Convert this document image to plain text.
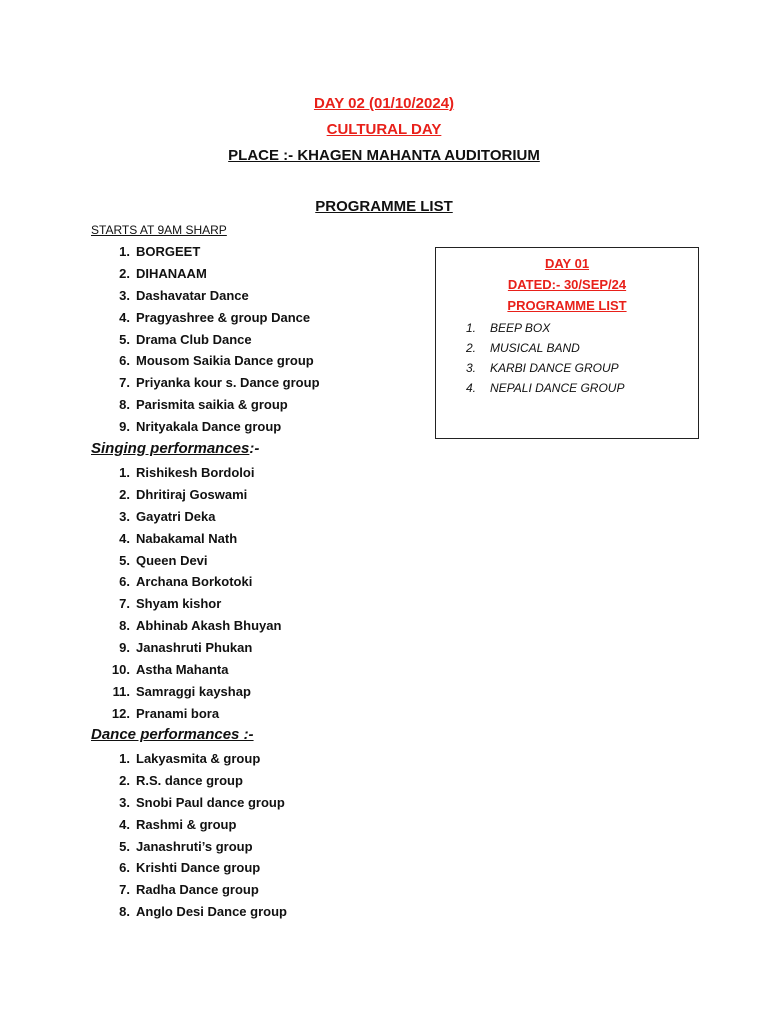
DAY 02 (01/10/2024)
CULTURAL DAY
PLACE :- KHAGEN MAHANTA AUDITORIUM
PROGRAMME LIST
STARTS AT 9AM SHARP
1. BORGEET
2. DIHANAAM
3. Dashavatar Dance
4. Pragyashree & group Dance
5. Drama Club Dance
6. Mousom Saikia Dance group
7. Priyanka kour s. Dance group
8. Parismita saikia & group
9. Nrityakala Dance group
Singing performances:-
1. Rishikesh Bordoloi
2. Dhritiraj Goswami
3. Gayatri Deka
4. Nabakamal Nath
5. Queen Devi
6. Archana Borkotoki
7. Shyam kishor
8. Abhinab Akash Bhuyan
9. Janashruti Phukan
10. Astha Mahanta
11. Samraggi kayshap
12. Pranami bora
Dance performances :-
1. Lakyasmita & group
2. R.S. dance group
3. Snobi Paul dance group
4. Rashmi & group
5. Janashruti’s group
6. Krishti Dance group
7. Radha Dance group
8. Anglo Desi Dance group
DAY 01
DATED:- 30/SEP/24
PROGRAMME LIST
1. BEEP BOX
2. MUSICAL BAND
3. KARBI DANCE GROUP
4. NEPALI DANCE GROUP
